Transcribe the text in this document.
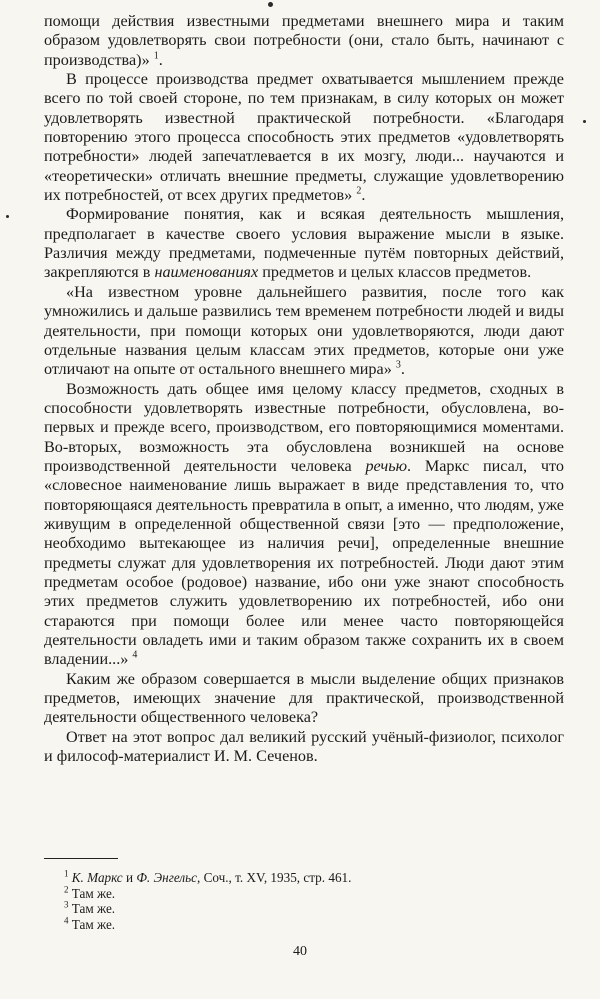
помощи действия известными предметами внешнего мира и таким образом удовлетворять свои потребности (они, стало быть, начинают с производства)» $^1$.

В процессе производства предмет охватывается мышлением прежде всего по той своей стороне, по тем признакам, в силу которых он может удовлетворять известной практической потребности. «Благодаря повторению этого процесса способность этих предметов «удовлетворять потребности» людей запечатлевается в их мозгу, люди... научаются и «теоретически» отличать внешние предметы, служащие удовлетворению их потребностей, от всех других предметов» $^2$.

Формирование понятия, как и всякая деятельность мышления, предполагает в качестве своего условия выражение мысли в языке. Различия между предметами, подмеченные путём повторных действий, закрепляются в наименованиях предметов и целых классов предметов.

«На известном уровне дальнейшего развития, после того как умножились и дальше развились тем временем потребности людей и виды деятельности, при помощи которых они удовлетворяются, люди дают отдельные названия целым классам этих предметов, которые они уже отличают на опыте от остального внешнего мира» $^3$.

Возможность дать общее имя целому классу предметов, сходных в способности удовлетворять известные потребности, обусловлена, во-первых и прежде всего, производством, его повторяющимися моментами. Во-вторых, возможность эта обусловлена возникшей на основе производственной деятельности человека речью. Маркс писал, что «словесное наименование лишь выражает в виде представления то, что повторяющаяся деятельность превратила в опыт, а именно, что людям, уже живущим в определенной общественной связи [это — предположение, необходимо вытекающее из наличия речи], определенные внешние предметы служат для удовлетворения их потребностей. Люди дают этим предметам особое (родовое) название, ибо они уже знают способность этих предметов служить удовлетворению их потребностей, ибо они стараются при помощи более или менее часто повторяющейся деятельности овладеть ими и таким образом также сохранить их в своем владении...» $^4$

Каким же образом совершается в мысли выделение общих признаков предметов, имеющих значение для практической, производственной деятельности общественного человека?

Ответ на этот вопрос дал великий русский учёный-физиолог, психолог и философ-материалист И. М. Сеченов.

$^1$ К. Маркс и Ф. Энгельс, Соч., т. XV, 1935, стр. 461.

$^2$ Там же.

$^3$ Там же.

$^4$ Там же.

40
